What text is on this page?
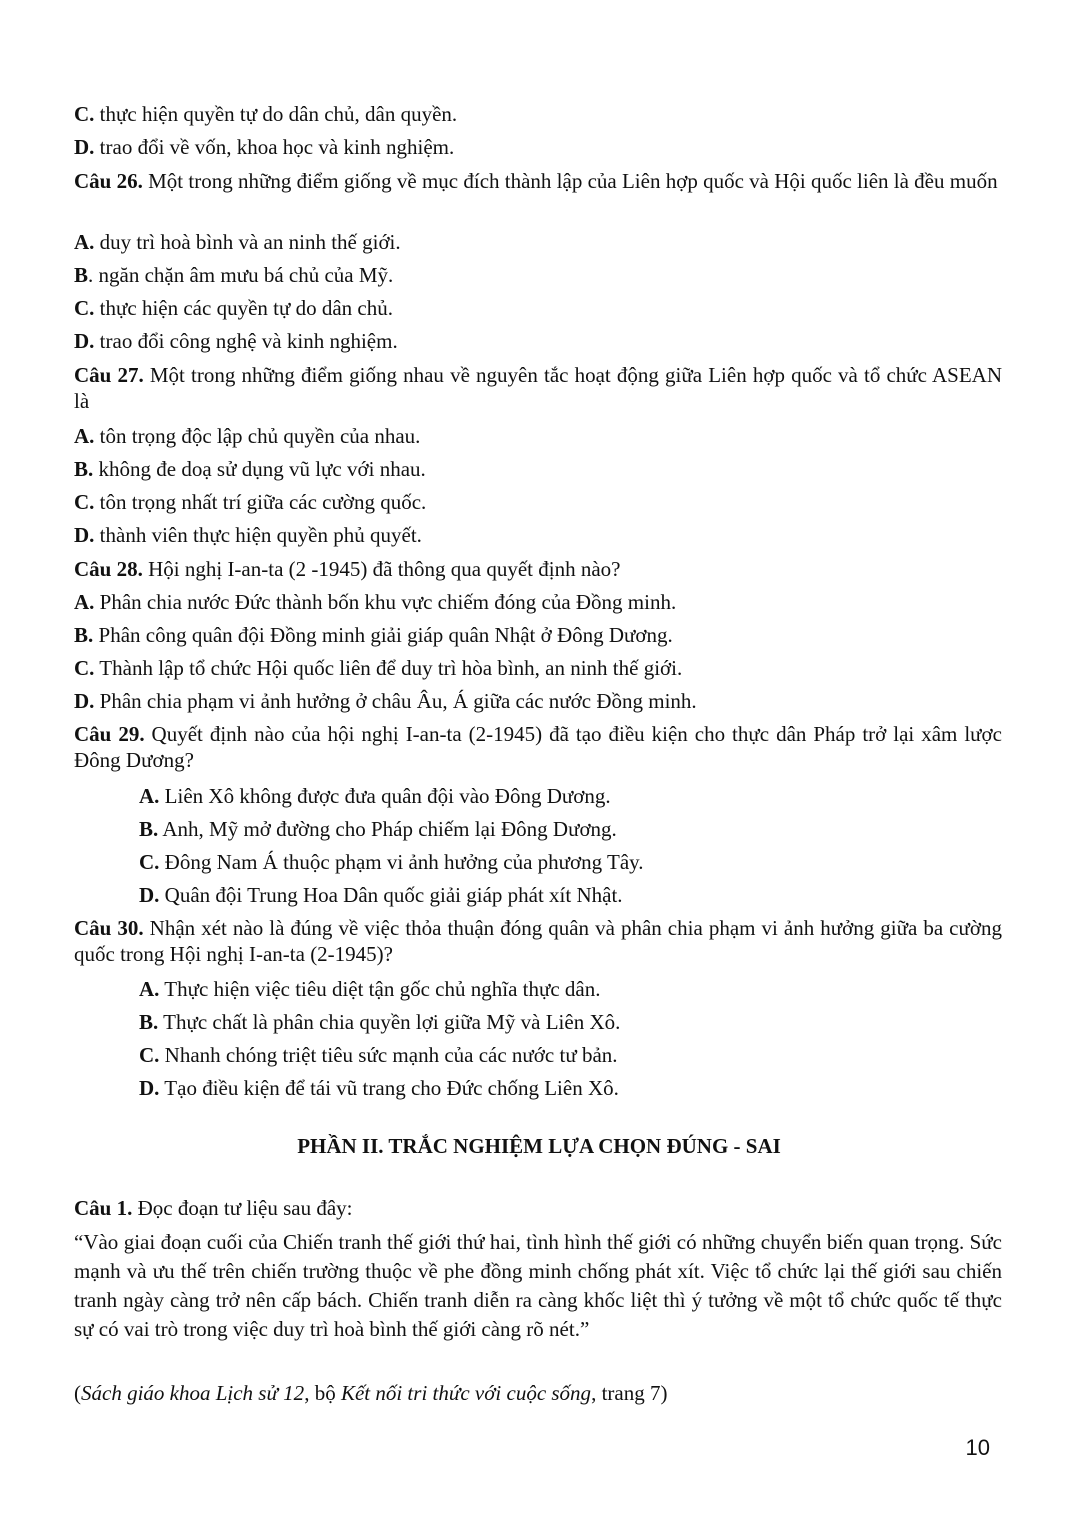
C. thực hiện quyền tự do dân chủ, dân quyền.
D. trao đổi về vốn, khoa học và kinh nghiệm.
Câu 26. Một trong những điểm giống về mục đích thành lập của Liên hợp quốc và Hội quốc liên là đều muốn
A. duy trì hoà bình và an ninh thế giới.
B. ngăn chặn âm mưu bá chủ của Mỹ.
C. thực hiện các quyền tự do dân chủ.
D. trao đổi công nghệ và kinh nghiệm.
Câu 27. Một trong những điểm giống nhau về nguyên tắc hoạt động giữa Liên hợp quốc và tổ chức ASEAN là
A. tôn trọng độc lập chủ quyền của nhau.
B. không đe doạ sử dụng vũ lực với nhau.
C. tôn trọng nhất trí giữa các cường quốc.
D. thành viên thực hiện quyền phủ quyết.
Câu 28. Hội nghị I-an-ta (2 -1945) đã thông qua quyết định nào?
A. Phân chia nước Đức thành bốn khu vực chiếm đóng của Đồng minh.
B. Phân công quân đội Đồng minh giải giáp quân Nhật ở Đông Dương.
C. Thành lập tổ chức Hội quốc liên để duy trì hòa bình, an ninh thế giới.
D. Phân chia phạm vi ảnh hưởng ở châu Âu, Á giữa các nước Đồng minh.
Câu 29. Quyết định nào của hội nghị I-an-ta (2-1945) đã tạo điều kiện cho thực dân Pháp trở lại xâm lược Đông Dương?
A. Liên Xô không được đưa quân đội vào Đông Dương.
B. Anh, Mỹ mở đường cho Pháp chiếm lại Đông Dương.
C. Đông Nam Á thuộc phạm vi ảnh hưởng của phương Tây.
D. Quân đội Trung Hoa Dân quốc giải giáp phát xít Nhật.
Câu 30. Nhận xét nào là đúng về việc thỏa thuận đóng quân và phân chia phạm vi ảnh hưởng giữa ba cường quốc trong Hội nghị I-an-ta (2-1945)?
A. Thực hiện việc tiêu diệt tận gốc chủ nghĩa thực dân.
B. Thực chất là phân chia quyền lợi giữa Mỹ và Liên Xô.
C. Nhanh chóng triệt tiêu sức mạnh của các nước tư bản.
D. Tạo điều kiện để tái vũ trang cho Đức chống Liên Xô.
PHẦN II. TRẮC NGHIỆM LỰA CHỌN ĐÚNG - SAI
Câu 1. Đọc đoạn tư liệu sau đây:
“Vào giai đoạn cuối của Chiến tranh thế giới thứ hai, tình hình thế giới có những chuyển biến quan trọng. Sức mạnh và ưu thế trên chiến trường thuộc về phe đồng minh chống phát xít. Việc tổ chức lại thế giới sau chiến tranh ngày càng trở nên cấp bách. Chiến tranh diễn ra càng khốc liệt thì ý tưởng về một tổ chức quốc tế thực sự có vai trò trong việc duy trì hoà bình thế giới càng rõ nét.”
(Sách giáo khoa Lịch sử 12, bộ Kết nối tri thức với cuộc sống, trang 7)
10
